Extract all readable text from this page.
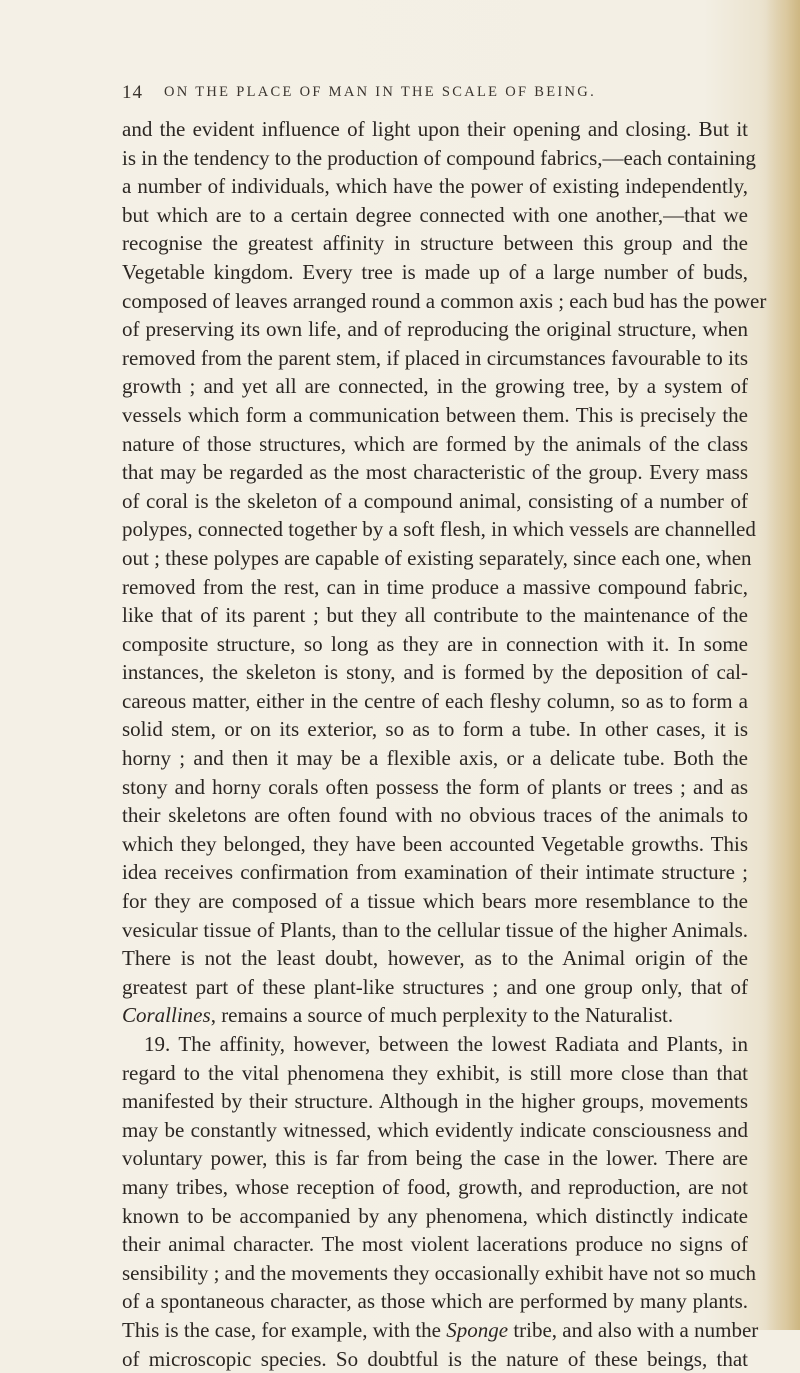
14 ON THE PLACE OF MAN IN THE SCALE OF BEING.
and the evident influence of light upon their opening and closing. But it
is in the tendency to the production of compound fabrics,—each containing
a number of individuals, which have the power of existing independently,
but which are to a certain degree connected with one another,—that we
recognise the greatest affinity in structure between this group and the
Vegetable kingdom. Every tree is made up of a large number of buds,
composed of leaves arranged round a common axis ; each bud has the power
of preserving its own life, and of reproducing the original structure, when
removed from the parent stem, if placed in circumstances favourable to its
growth ; and yet all are connected, in the growing tree, by a system of
vessels which form a communication between them. This is precisely the
nature of those structures, which are formed by the animals of the class
that may be regarded as the most characteristic of the group. Every mass
of coral is the skeleton of a compound animal, consisting of a number of
polypes, connected together by a soft flesh, in which vessels are channelled
out ; these polypes are capable of existing separately, since each one, when
removed from the rest, can in time produce a massive compound fabric,
like that of its parent ; but they all contribute to the maintenance of the
composite structure, so long as they are in connection with it. In some
instances, the skeleton is stony, and is formed by the deposition of cal-
careous matter, either in the centre of each fleshy column, so as to form a
solid stem, or on its exterior, so as to form a tube. In other cases, it is
horny ; and then it may be a flexible axis, or a delicate tube. Both the
stony and horny corals often possess the form of plants or trees ; and as
their skeletons are often found with no obvious traces of the animals to
which they belonged, they have been accounted Vegetable growths. This
idea receives confirmation from examination of their intimate structure ;
for they are composed of a tissue which bears more resemblance to the
vesicular tissue of Plants, than to the cellular tissue of the higher Animals.
There is not the least doubt, however, as to the Animal origin of the
greatest part of these plant-like structures ; and one group only, that of
Corallines, remains a source of much perplexity to the Naturalist.
19. The affinity, however, between the lowest Radiata and Plants, in
regard to the vital phenomena they exhibit, is still more close than that
manifested by their structure. Although in the higher groups, movements
may be constantly witnessed, which evidently indicate consciousness and
voluntary power, this is far from being the case in the lower. There are
many tribes, whose reception of food, growth, and reproduction, are not
known to be accompanied by any phenomena, which distinctly indicate
their animal character. The most violent lacerations produce no signs of
sensibility ; and the movements they occasionally exhibit have not so much
of a spontaneous character, as those which are performed by many plants.
This is the case, for example, with the Sponge tribe, and also with a number
of microscopic species. So doubtful is the nature of these beings, that
